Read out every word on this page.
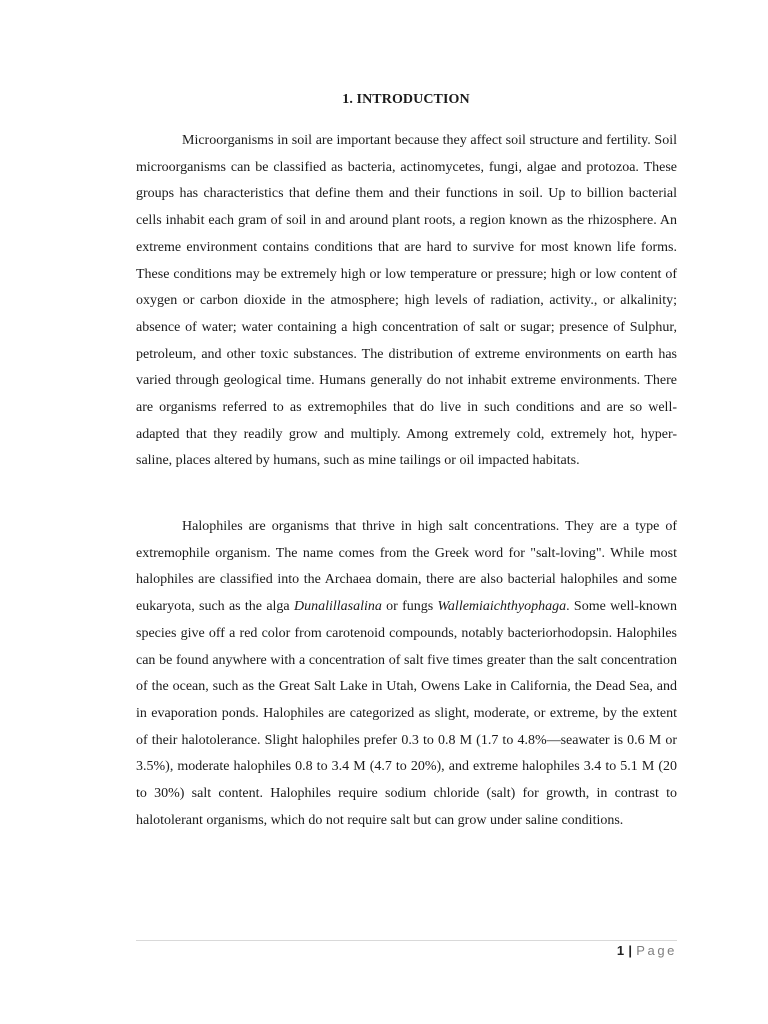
1. INTRODUCTION

Microorganisms in soil are important because they affect soil structure and fertility. Soil microorganisms can be classified as bacteria, actinomycetes, fungi, algae and protozoa. These groups has characteristics that define them and their functions in soil. Up to billion bacterial cells inhabit each gram of soil in and around plant roots, a region known as the rhizosphere. An extreme environment contains conditions that are hard to survive for most known life forms. These conditions may be extremely high or low temperature or pressure; high or low content of oxygen or carbon dioxide in the atmosphere; high levels of radiation, activity., or alkalinity; absence of water; water containing a high concentration of salt or sugar; presence of Sulphur, petroleum, and other toxic substances. The distribution of extreme environments on earth has varied through geological time. Humans generally do not inhabit extreme environments. There are organisms referred to as extremophiles that do live in such conditions and are so well-adapted that they readily grow and multiply. Among extremely cold, extremely hot, hyper-saline, places altered by humans, such as mine tailings or oil impacted habitats.

Halophiles are organisms that thrive in high salt concentrations. They are a type of extremophile organism. The name comes from the Greek word for "salt-loving". While most halophiles are classified into the Archaea domain, there are also bacterial halophiles and some eukaryota, such as the alga Dunalillasalina or fungs Wallemiaichthyophaga. Some well-known species give off a red color from carotenoid compounds, notably bacteriorhodopsin. Halophiles can be found anywhere with a concentration of salt five times greater than the salt concentration of the ocean, such as the Great Salt Lake in Utah, Owens Lake in California, the Dead Sea, and in evaporation ponds. Halophiles are categorized as slight, moderate, or extreme, by the extent of their halotolerance. Slight halophiles prefer 0.3 to 0.8 M (1.7 to 4.8%—seawater is 0.6 M or 3.5%), moderate halophiles 0.8 to 3.4 M (4.7 to 20%), and extreme halophiles 3.4 to 5.1 M (20 to 30%) salt content. Halophiles require sodium chloride (salt) for growth, in contrast to halotolerant organisms, which do not require salt but can grow under saline conditions.

1 | Page
